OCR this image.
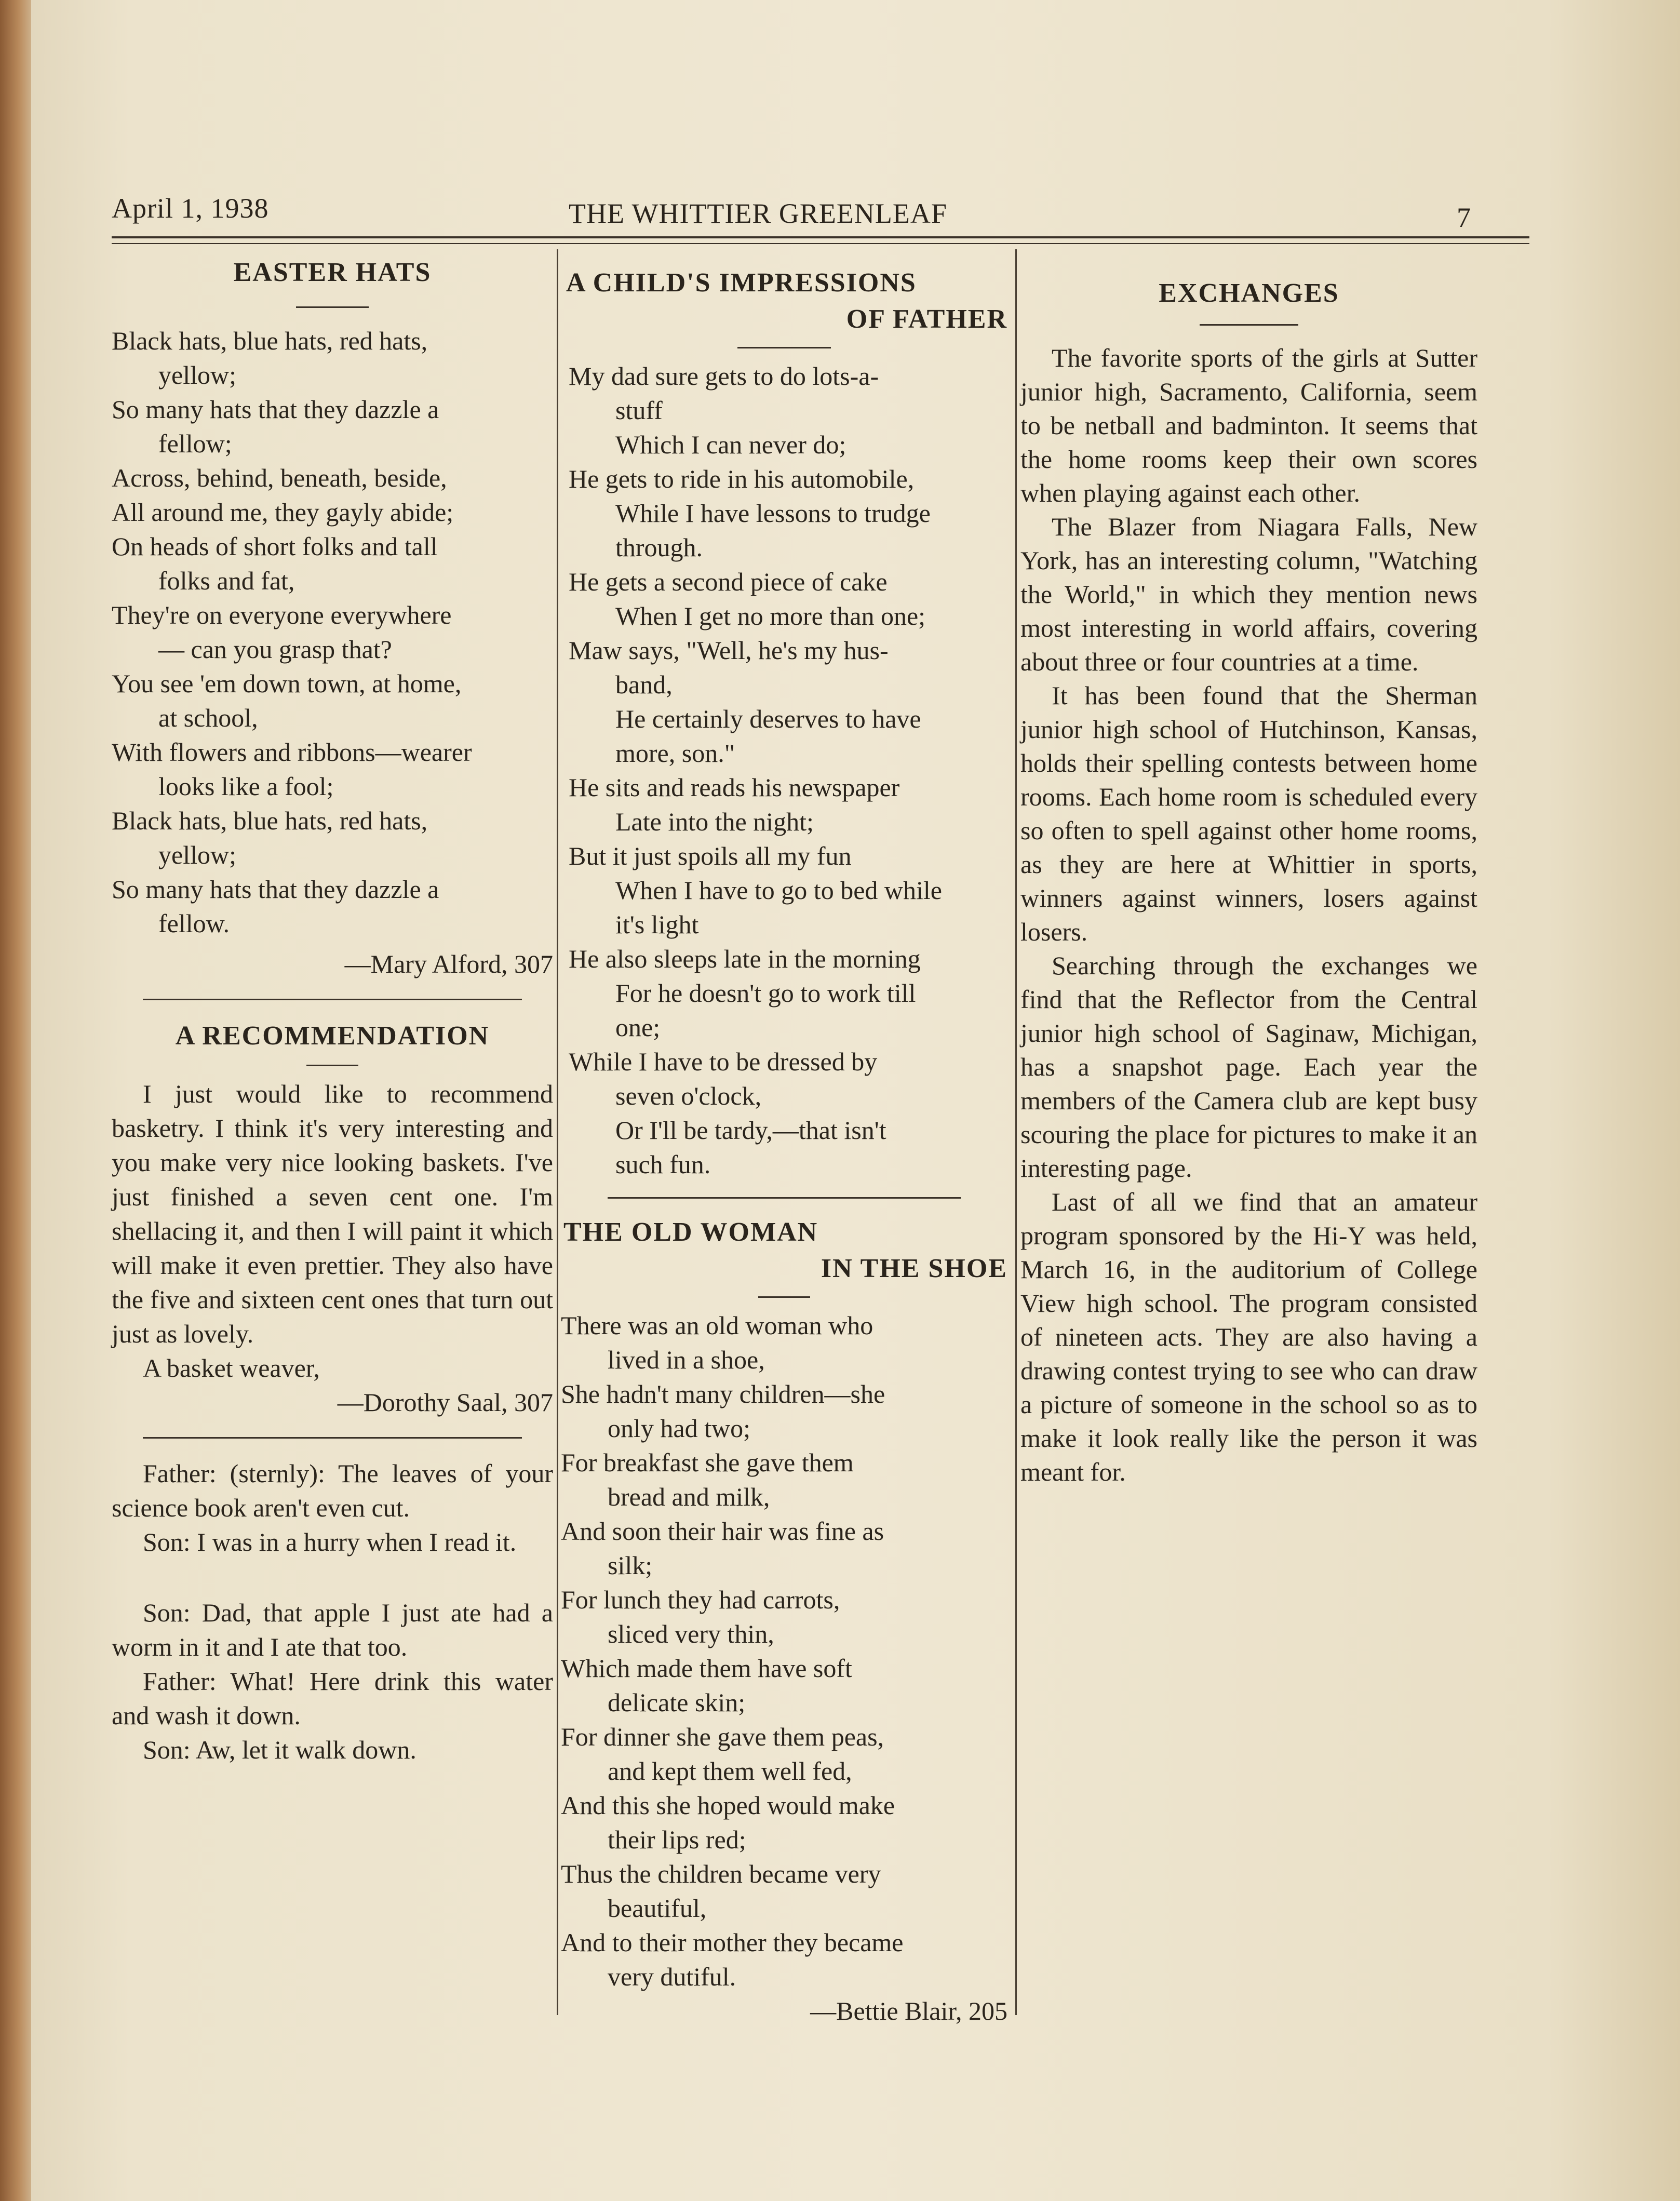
April 1, 1938	THE WHITTIER GREENLEAF	7
EASTER HATS
Black hats, blue hats, red hats,
yellow;
So many hats that they dazzle a
fellow;
Across, behind, beneath, beside,
All around me, they gayly abide;
On heads of short folks and tall
folks and fat,
They're on everyone everywhere
— can you grasp that?
You see 'em down town, at home,
at school,
With flowers and ribbons—wearer
looks like a fool;
Black hats, blue hats, red hats,
yellow;
So many hats that they dazzle a
fellow.

—Mary Alford, 307

A RECOMMENDATION

I just would like to recommend basketry. I think it's very interesting and you make very nice looking baskets. I've just finished a seven cent one. I'm shellacing it, and then I will paint it which will make it even prettier. They also have the five and sixteen cent ones that turn out just as lovely.

A basket weaver,

—Dorothy Saal, 307

Father: (sternly): The leaves of your science book aren't even cut.

Son: I was in a hurry when I read it.

Son: Dad, that apple I just ate had a worm in it and I ate that too.

Father: What! Here drink this water and wash it down.

Son: Aw, let it walk down.

A CHILD'S IMPRESSIONS
OF FATHER
My dad sure gets to do lots-a-
stuff
Which I can never do;
He gets to ride in his automobile,
While I have lessons to trudge
through.
He gets a second piece of cake
When I get no more than one;
Maw says, "Well, he's my hus-
band,
He certainly deserves to have
more, son."
He sits and reads his newspaper
Late into the night;
But it just spoils all my fun
When I have to go to bed while
it's light
He also sleeps late in the morning
For he doesn't go to work till
one;
While I have to be dressed by
seven o'clock,
Or I'll be tardy,—that isn't
such fun.
THE OLD WOMAN
IN THE SHOE
There was an old woman who
lived in a shoe,
She hadn't many children—she
only had two;
For breakfast she gave them
bread and milk,
And soon their hair was fine as
silk;
For lunch they had carrots,
sliced very thin,
Which made them have soft
delicate skin;
For dinner she gave them peas,
and kept them well fed,
And this she hoped would make
their lips red;
Thus the children became very
beautiful,
And to their mother they became
very dutiful.

—Bettie Blair, 205

EXCHANGES

The favorite sports of the girls at Sutter junior high, Sacramento, California, seem to be netball and badminton. It seems that the home rooms keep their own scores when playing against each other.

The Blazer from Niagara Falls, New York, has an interesting column, "Watching the World," in which they mention news most interesting in world affairs, covering about three or four countries at a time.

It has been found that the Sherman junior high school of Hutchinson, Kansas, holds their spelling contests between home rooms. Each home room is scheduled every so often to spell against other home rooms, as they are here at Whittier in sports, winners against winners, losers against losers.

Searching through the exchanges we find that the Reflector from the Central junior high school of Saginaw, Michigan, has a snapshot page. Each year the members of the Camera club are kept busy scouring the place for pictures to make it an interesting page.

Last of all we find that an amateur program sponsored by the Hi-Y was held, March 16, in the auditorium of College View high school. The program consisted of nineteen acts. They are also having a drawing contest trying to see who can draw a picture of someone in the school so as to make it look really like the person it was meant for.
